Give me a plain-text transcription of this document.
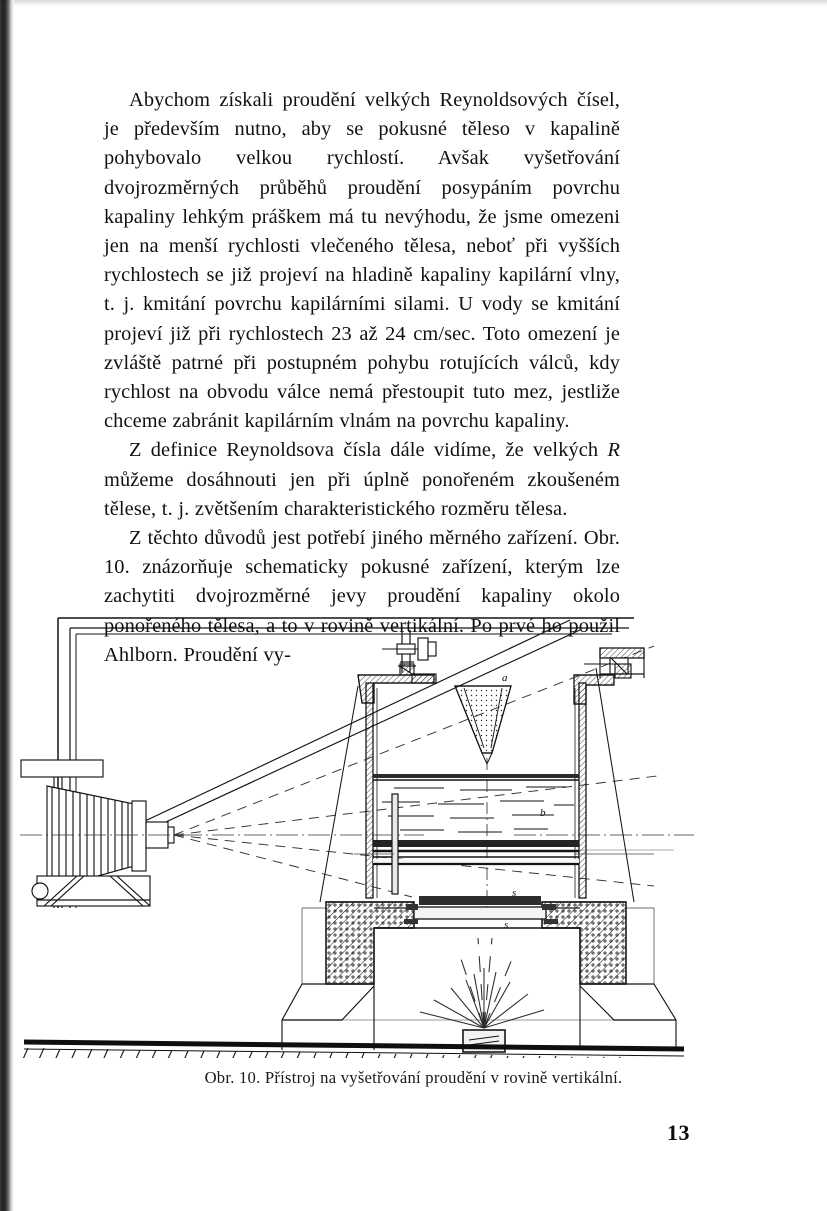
Abychom získali proudění velkých Reynoldsových čísel, je především nutno, aby se pokusné těleso v kapalině pohybovalo velkou rychlostí. Avšak vyšetřování dvojrozměrných průběhů proudění posypáním povrchu kapaliny lehkým práškem má tu nevýhodu, že jsme omezeni jen na menší rychlosti vlečeného tělesa, neboť při vyšších rychlostech se již projeví na hladině kapaliny kapilární vlny, t. j. kmitání povrchu kapilárními silami. U vody se kmitání projeví již při rychlostech 23 až 24 cm/sec. Toto omezení je zvláště patrné při postupném pohybu rotujících válců, kdy rychlost na obvodu válce nemá přestoupit tuto mez, jestliže chceme zabránit kapilárním vlnám na povrchu kapaliny.

Z definice Reynoldsova čísla dále vidíme, že velkých R můžeme dosáhnouti jen při úplně ponořeném zkoušeném tělese, t. j. zvětšením charakteristického rozměru tělesa.

Z těchto důvodů jest potřebí jiného měrného zařízení. Obr. 10. znázorňuje schematicky pokusné zařízení, kterým lze zachytiti dvojrozměrné jevy proudění kapaliny okolo ponořeného tělesa, a to v rovině vertikální. Po prvé ho použil Ahlborn. Proudění vy-

a
b
s
s
Obr. 10. Přístroj na vyšetřování proudění v rovině vertikální.
13
